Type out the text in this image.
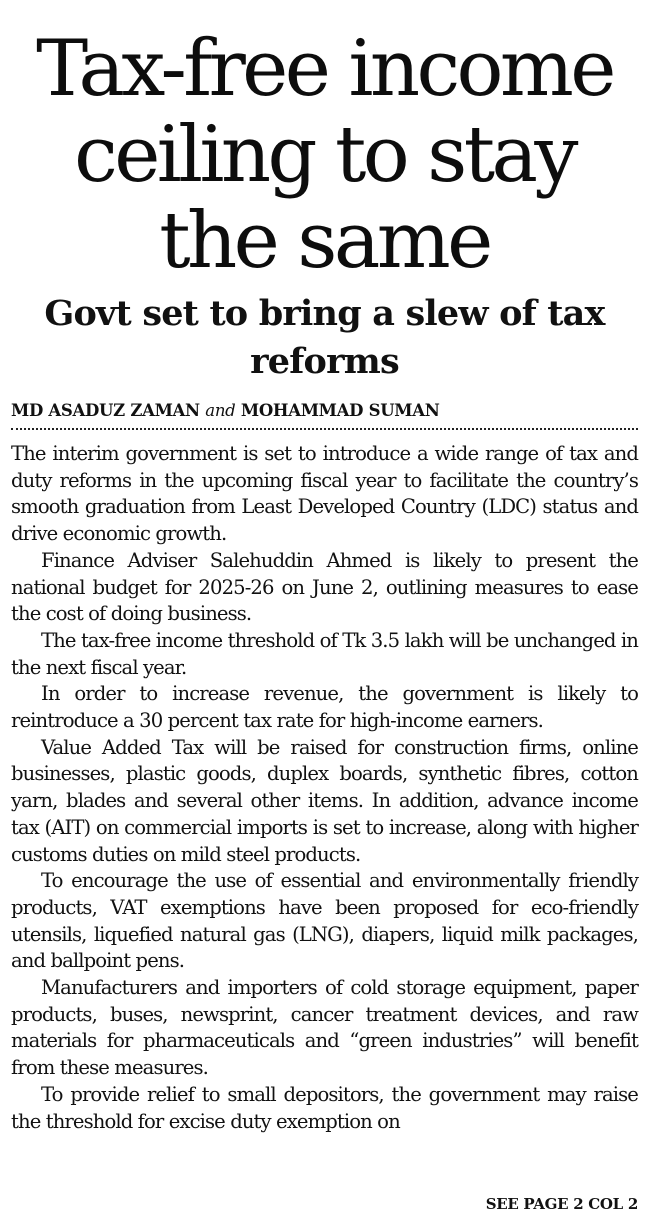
Tax-free income ceiling to stay the same
Govt set to bring a slew of tax reforms
MD ASADUZ ZAMAN and MOHAMMAD SUMAN

The interim government is set to introduce a wide range of tax and duty reforms in the upcoming fiscal year to facilitate the country’s smooth graduation from Least Developed Country (LDC) status and drive economic growth.

Finance Adviser Salehuddin Ahmed is likely to present the national budget for 2025-26 on June 2, outlining measures to ease the cost of doing business.

The tax-free income threshold of Tk 3.5 lakh will be unchanged in the next fiscal year.

In order to increase revenue, the government is likely to reintroduce a 30 percent tax rate for high-income earners.

Value Added Tax will be raised for construction firms, online businesses, plastic goods, duplex boards, synthetic fibres, cotton yarn, blades and several other items. In addition, advance income tax (AIT) on commercial imports is set to increase, along with higher customs duties on mild steel products.

To encourage the use of essential and environmentally friendly products, VAT exemptions have been proposed for eco-friendly utensils, liquefied natural gas (LNG), diapers, liquid milk packages, and ballpoint pens.

Manufacturers and importers of cold storage equipment, paper products, buses, newsprint, cancer treatment devices, and raw materials for pharmaceuticals and “green industries” will benefit from these measures.

To provide relief to small depositors, the government may raise the threshold for excise duty exemption on

SEE PAGE 2 COL 2
